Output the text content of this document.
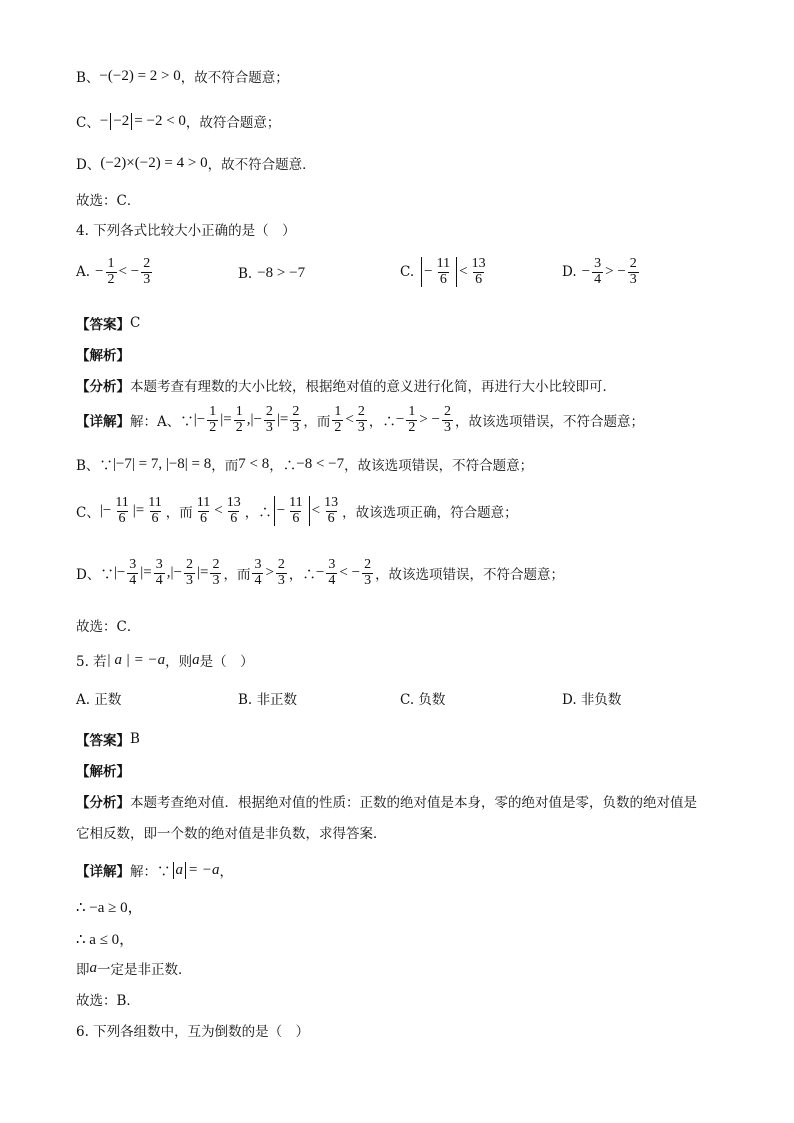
B、 −(−2) = 2 > 0 ，故不符合题意；
C、 − −2 = −2 < 0 ，故符合题意；
D、 (−2)×(−2) = 4 > 0 ，故不符合题意．
故选：C．
4. 下列各式比较大小正确的是（　）
A. − $\frac{1}{2}$ < − $\frac{2}{3}$	B. −8 > −7	C. − $\frac{11}{6} < \frac{13}{6}$	D. − $\frac{3}{4}$ > − $\frac{2}{3}$
【答案】 C
【解析】
【分析】 本题考查有理数的大小比较，根据绝对值的意义进行化简，再进行大小比较即可．
【详解】 解：A、∵ |− $\frac{1}{2}$ |= $\frac{1}{2}$ ,|− $\frac{2}{3}$ |= $\frac{2}{3}$ ，而 $\frac{1}{2} < \frac{2}{3}$ ，∴ − $\frac{1}{2}$ > − $\frac{2}{3}$ ，故该选项错误，不符合题意；
B、∵ |−7| = 7, |−8| = 8 ，而 7 < 8 ，∴ −8 < −7 ，故该选项错误，不符合题意；
C、 |− $\frac{11}{6}$ |= $\frac{11}{6}$ ，而 $\frac{11}{6} < \frac{13}{6}$ ，∴ − $\frac{11}{6} < \frac{13}{6}$ ，故该选项正确，符合题意；
D、∵ |− $\frac{3}{4}$ |= $\frac{3}{4}$ ,|− $\frac{2}{3}$ |= $\frac{2}{3}$ ，而 $\frac{3}{4} > \frac{2}{3}$ ，∴ − $\frac{3}{4}$ < − $\frac{2}{3}$ ，故该选项错误，不符合题意；
故选：C．
5. 若 | a | = −a ，则 a 是（　）
A. 正数	B. 非正数	C. 负数	D. 非负数
【答案】 B
【解析】
【分析】 本题考查绝对值．根据绝对值的性质：正数的绝对值是本身，零的绝对值是零，负数的绝对值是
它相反数，即一个数的绝对值是非负数，求得答案．
【详解】 解：∵ a = −a ，
∴ −a ≥ 0，
∴ a ≤ 0，
即 a 一定是非正数．
故选：B．
6. 下列各组数中，互为倒数的是（　）
